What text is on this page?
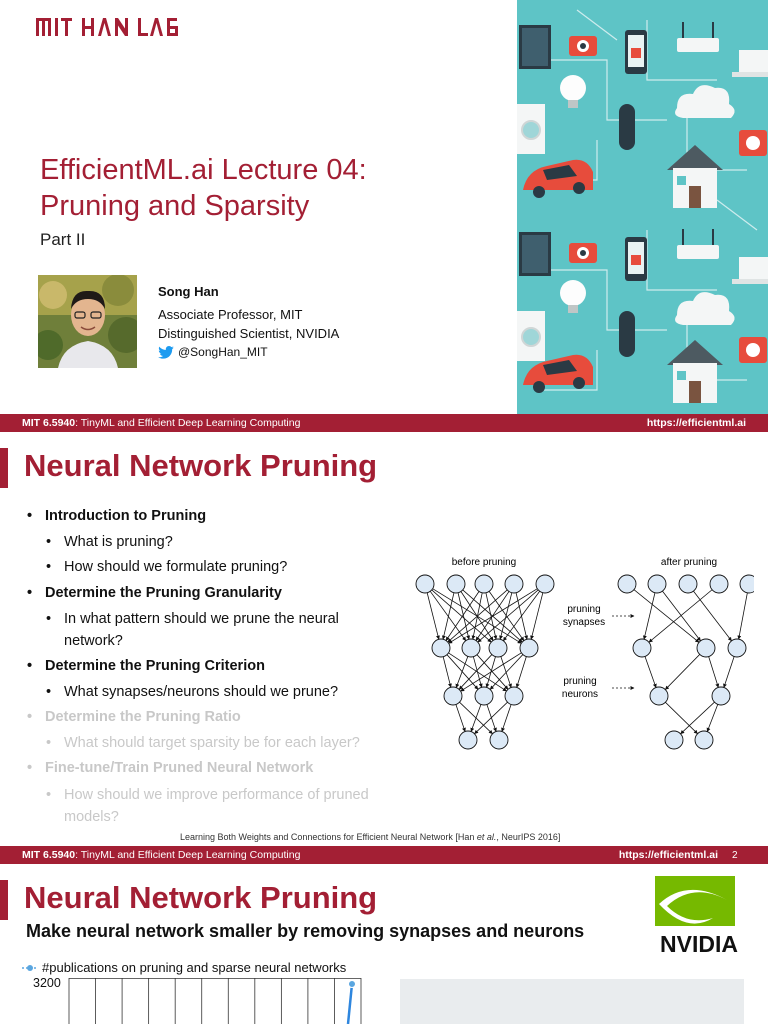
EfficientML.ai Lecture 04:
Pruning and Sparsity
Part II
Song Han
Associate Professor, MIT
Distinguished Scientist, NVIDIA
@SongHan_MIT
MIT 6.5940: TinyML and Efficient Deep Learning Computing	https://efficientml.ai
Neural Network Pruning
• Introduction to Pruning
• What is pruning?
• How should we formulate pruning?
• Determine the Pruning Granularity
• In what pattern should we prune the neural network?
• Determine the Pruning Criterion
• What synapses/neurons should we prune?
• Determine the Pruning Ratio
• What should target sparsity be for each layer?
• Fine-tune/Train Pruned Neural Network
• How should we improve performance of pruned models?
before pruning	after pruning
pruning
synapses
pruning
neurons
Learning Both Weights and Connections for Efficient Neural Network [Han et al., NeurIPS 2016]
MIT 6.5940: TinyML and Efficient Deep Learning Computing	https://efficientml.ai 2
Neural Network Pruning
Make neural network smaller by removing synapses and neurons	NVIDIA
#publications on pruning and sparse neural networks
3200
